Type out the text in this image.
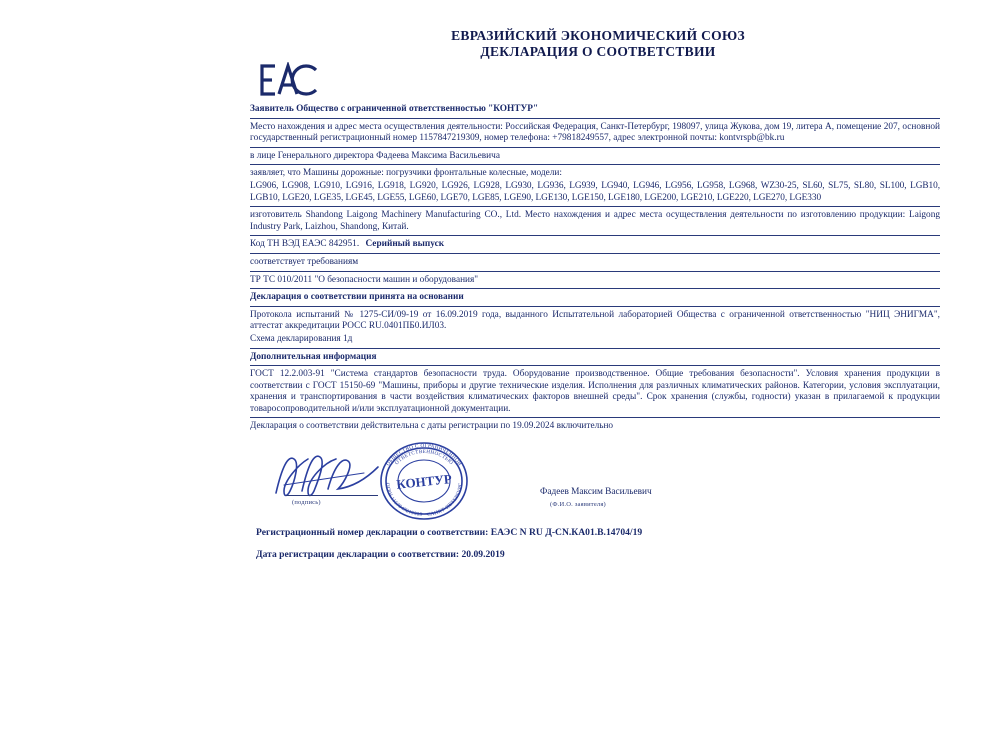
ЕВРАЗИЙСКИЙ ЭКОНОМИЧЕСКИЙ СОЮЗ
ДЕКЛАРАЦИЯ О СООТВЕТСТВИИ
Заявитель Общество с ограниченной ответственностью "КОНТУР"
Место нахождения и адрес места осуществления деятельности: Российская Федерация, Санкт-Петербург, 198097, улица Жукова, дом 19, литера А, помещение 207, основной государственный регистрационный номер 1157847219309, номер телефона: +79818249557, адрес электронной почты: kontvrspb@bk.ru
в лице Генерального директора Фадеева Максима Васильевича
заявляет, что Машины дорожные: погрузчики фронтальные колесные, модели:
LG906, LG908, LG910, LG916, LG918, LG920, LG926, LG928, LG930, LG936, LG939, LG940, LG946, LG956, LG958, LG968, WZ30-25, SL60, SL75, SL80, SL100, LGB10, LGB10, LGE20, LGE35, LGE45, LGE55, LGE60, LGE70, LGE85, LGE90, LGE130, LGE150, LGE180, LGE200, LGE210, LGE220, LGE270, LGE330
изготовитель Shandong Laigong Machinery Manufacturing CO., Ltd. Место нахождения и адрес места осуществления деятельности по изготовлению продукции: Laigong Industry Park, Laizhou, Shandong, Китай.
Код ТН ВЭД ЕАЭС 842951. Серийный выпуск
соответствует требованиям
ТР ТС 010/2011 "О безопасности машин и оборудования"
Декларация о соответствии принята на основании
Протокола испытаний № 1275-СИ/09-19 от 16.09.2019 года, выданного Испытательной лабораторией Общества с ограниченной ответственностью "НИЦ ЭНИГМА", аттестат аккредитации РОСС RU.0401ПБ0.ИЛ03.
Схема декларирования 1д
Дополнительная информация
ГОСТ 12.2.003-91 "Система стандартов безопасности труда. Оборудование производственное. Общие требования безопасности". Условия хранения продукции в соответствии с ГОСТ 15150-69 "Машины, приборы и другие технические изделия. Исполнения для различных климатических районов. Категории, условия эксплуатации, хранения и транспортирования в части воздействия климатических факторов внешней среды". Срок хранения (службы, годности) указан в прилагаемой к продукции товаросопроводительной и/или эксплуатационной документации.
Декларация о соответствии действительна с даты регистрации по 19.09.2024 включительно
ОБЩЕСТВО С ОГРАНИЧЕННОЙ
ОТВЕТСТВЕННОСТЬЮ
ОГРН 1157847219309 · САНКТ-ПЕТЕРБУРГ
КОНТУР
(подпись)
Фадеев Максим Васильевич
(Ф.И.О. заявителя)
Регистрационный номер декларации о соответствии: ЕАЭС N RU Д-CN.КА01.В.14704/19
Дата регистрации декларации о соответствии: 20.09.2019
